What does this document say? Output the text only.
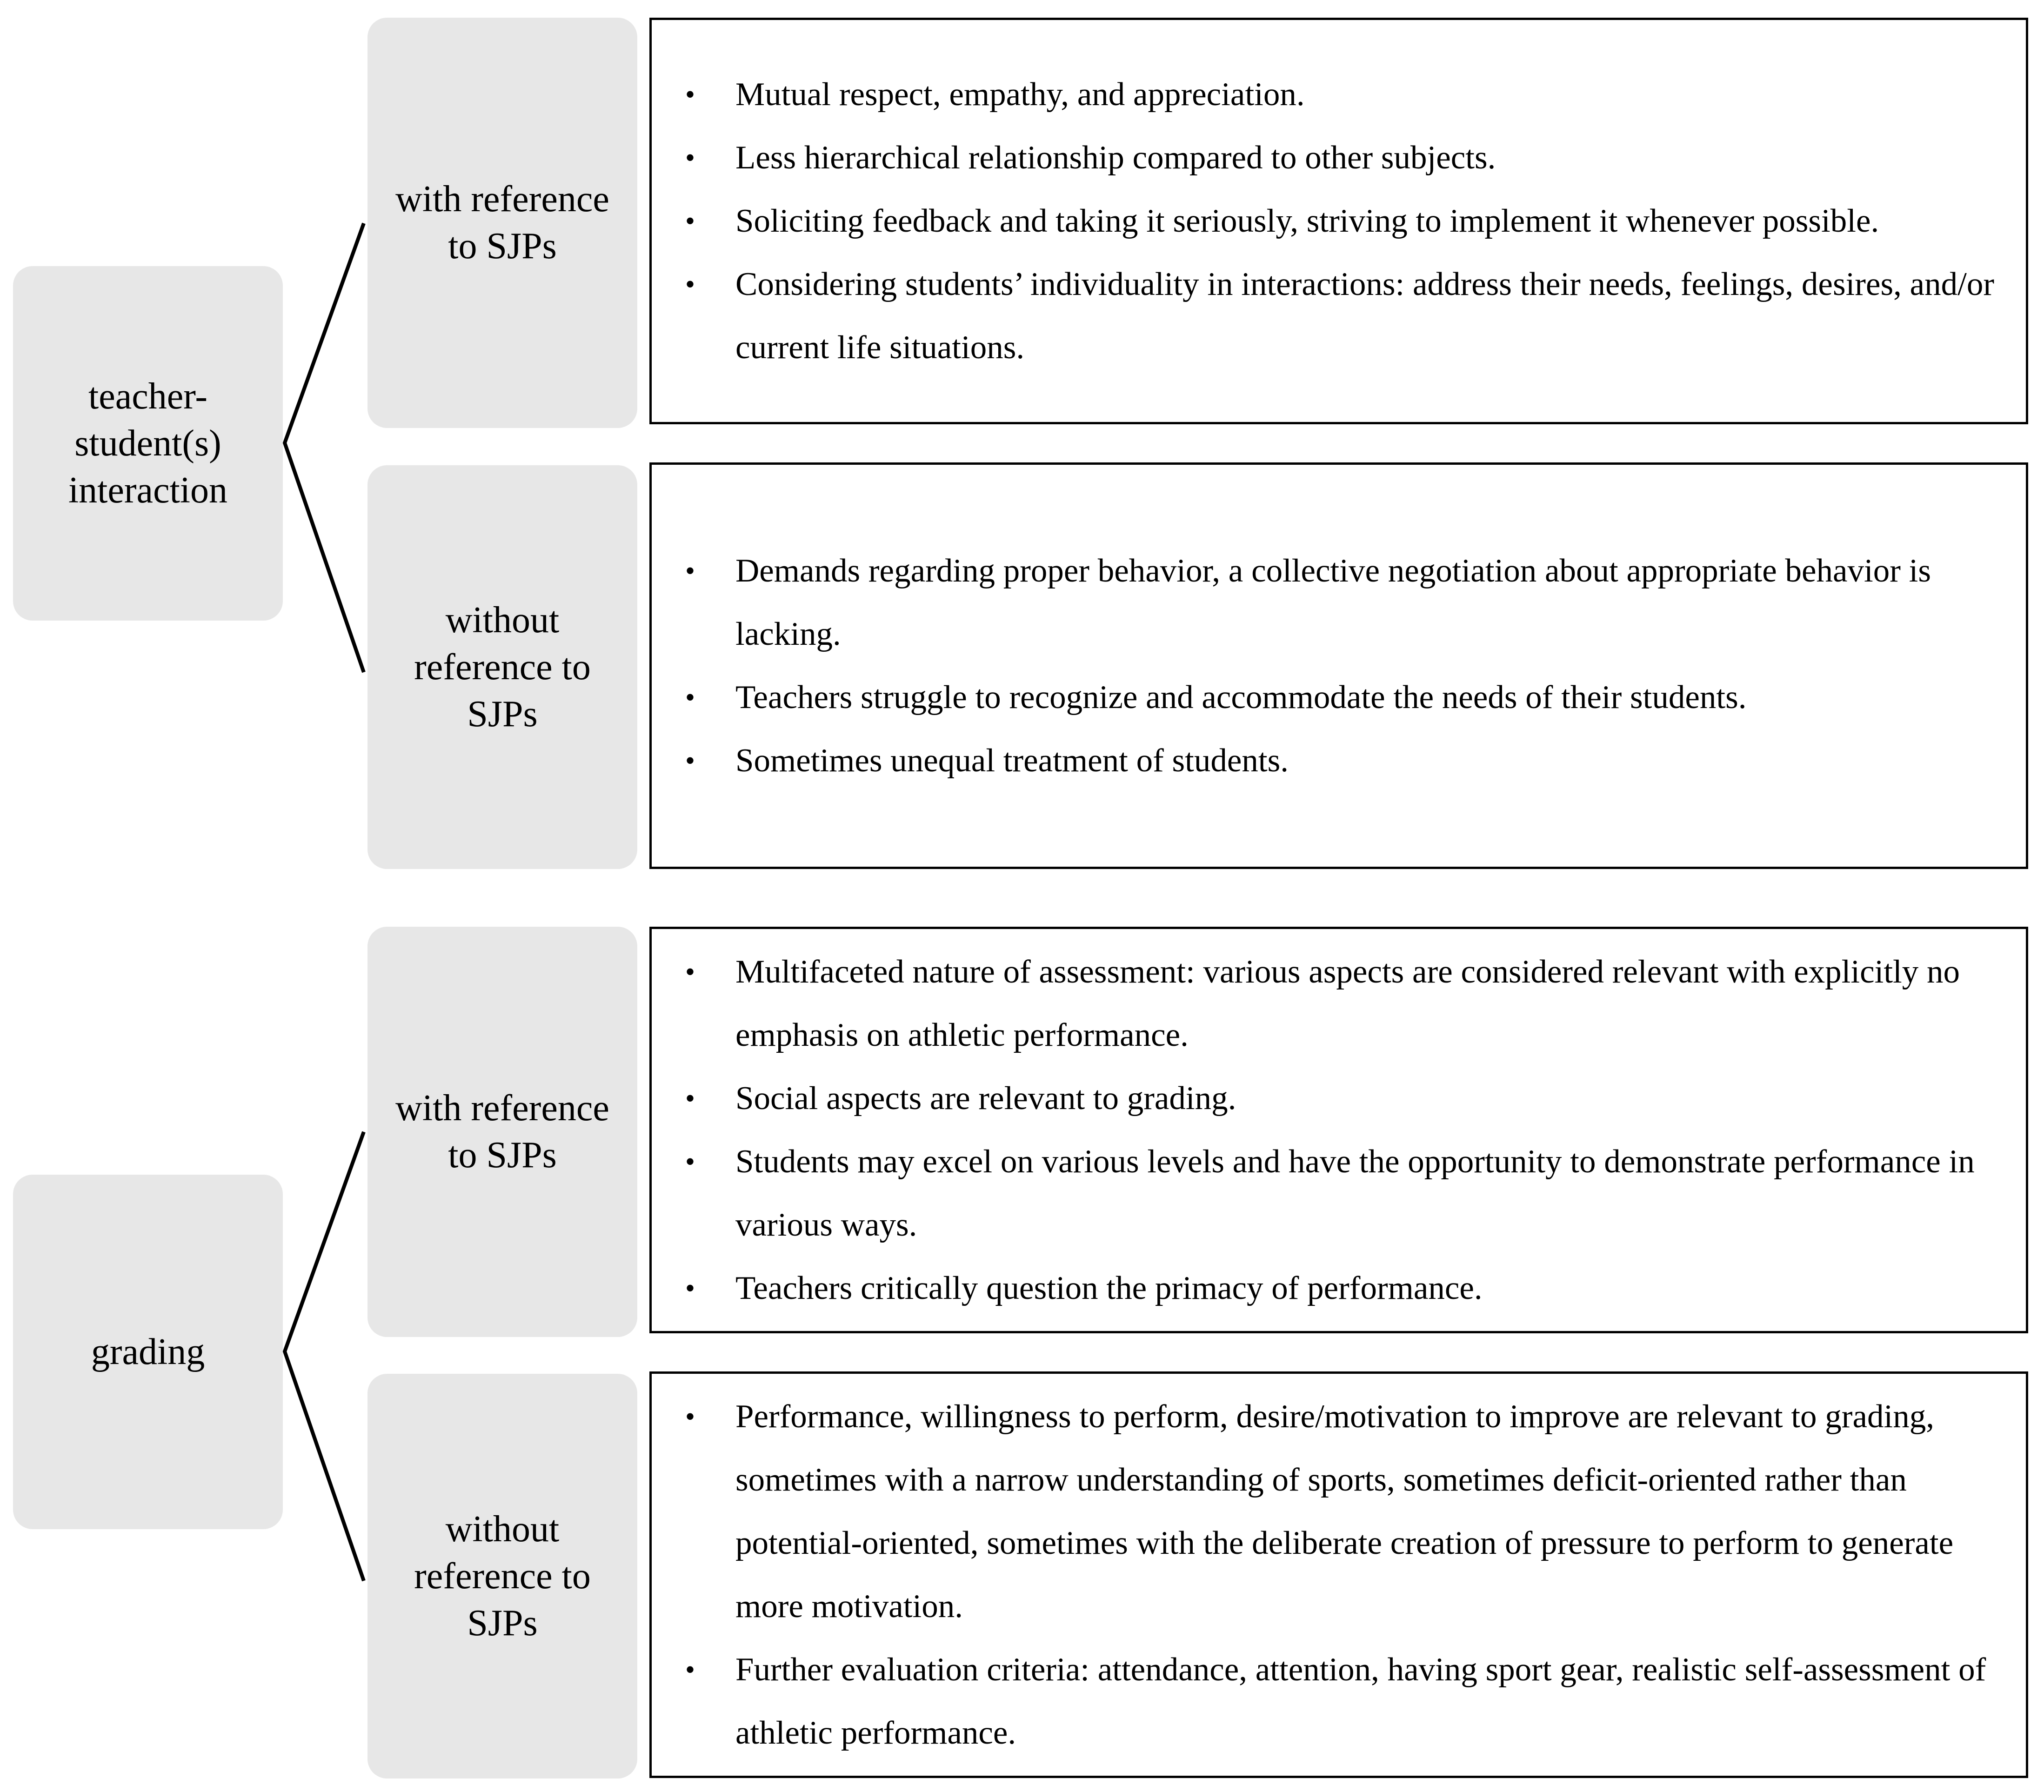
teacher-
student(s)
interaction
with reference
to SJPs
• Mutual respect, empathy, and appreciation.
• Less hierarchical relationship compared to other subjects.
• Soliciting feedback and taking it seriously, striving to implement it whenever possible.
• Considering students’ individuality in interactions: address their needs, feelings, desires, and/or current life situations.
without
reference to
SJPs
• Demands regarding proper behavior, a collective negotiation about appropriate behavior is lacking.
• Teachers struggle to recognize and accommodate the needs of their students.
• Sometimes unequal treatment of students.
grading
with reference
to SJPs
• Multifaceted nature of assessment: various aspects are considered relevant with explicitly no emphasis on athletic performance.
• Social aspects are relevant to grading.
• Students may excel on various levels and have the opportunity to demonstrate performance in various ways.
• Teachers critically question the primacy of performance.
without
reference to
SJPs
• Performance, willingness to perform, desire/motivation to improve are relevant to grading, sometimes with a narrow understanding of sports, sometimes deficit-oriented rather than potential-oriented, sometimes with the deliberate creation of pressure to perform to generate more motivation.
• Further evaluation criteria: attendance, attention, having sport gear, realistic self-assessment of athletic performance.
